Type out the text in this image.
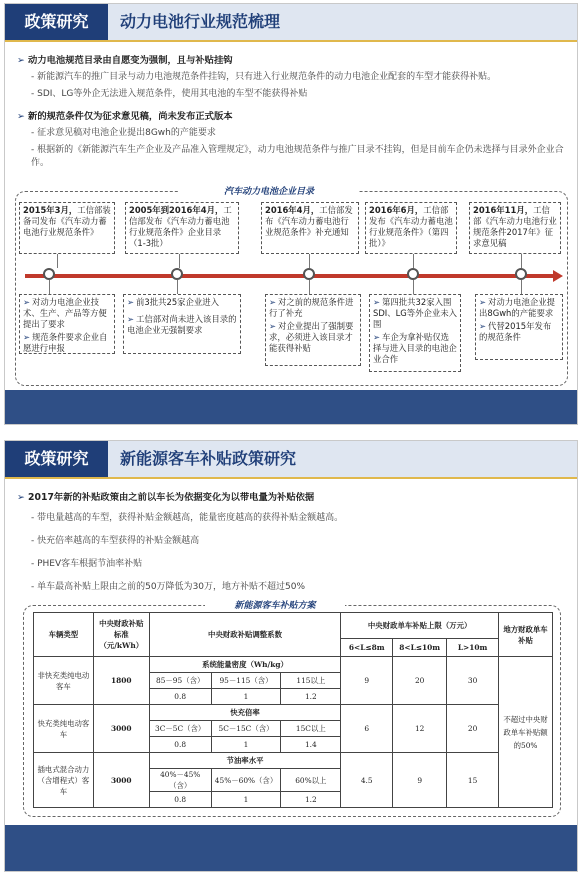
政策研究	动力电池行业规范梳理
➢ 动力电池规范目录由自愿变为强制，且与补贴挂钩
- 新能源汽车的推广目录与动力电池规范条件挂钩，只有进入行业规范条件的动力电池企业配套的车型才能获得补贴。
- SDI、LG等外企无法进入规范条件，使用其电池的车型不能获得补贴
➢ 新的规范条件仅为征求意见稿，尚未发布正式版本
- 征求意见稿对电池企业提出8Gwh的产能要求
- 根据新的《新能源汽车生产企业及产品准入管理规定》，动力电池规范条件与推广目录不挂钩，但是目前车企仍未选择与目录外企业合作。
汽车动力电池企业目录
2015年3月，工信部装备司发布《汽车动力蓄电池行业规范条件》
2005年到2016年4月，工信部发布《汽车动力蓄电池行业规范条件》企业目录（1-3批）
2016年4月，工信部发布《汽车动力蓄电池行业规范条件》补充通知
2016年6月，工信部发布《汽车动力蓄电池行业规范条件》（第四批）》
2016年11月，工信部《汽车动力电池行业规范条件2017年》征求意见稿
➢ 对动力电池企业技术、生产、产品等方便提出了要求
➢ 规范条件要求企业自愿进行申报
➢ 前3批共25家企业进入
➢ 工信部对尚未进入该目录的电池企业无强制要求
➢ 对之前的规范条件进行了补充
➢ 对企业提出了强制要求，必须进入该目录才能获得补贴
➢ 第四批共32家入围SDI、LG等外企业未入围
➢ 车企为拿补贴仅选择与进入目录的电池企业合作
➢ 对动力电池企业提出8Gwh的产能要求
➢ 代替2015年发布的规范条件
政策研究	新能源客车补贴政策研究
➢ 2017年新的补贴政策由之前以车长为依据变化为以带电量为补贴依据
- 带电量越高的车型，获得补贴金额越高，能量密度越高的获得补贴金额越高。
- 快充倍率越高的车型获得的补贴金额越高
- PHEV客车根据节油率补贴
- 单车最高补贴上限由之前的50万降低为30万，地方补贴不超过50%
新能源客车补贴方案
车辆类型	中央财政补贴标准（元/kWh）	中央财政补贴调整系数			中央财政单车补贴上限（万元）			地方财政单车补贴
					6<L≤8m	8<L≤10m	L>10m	
非快充类纯电动客车	1800	系统能量密度（Wh/kg）			9	20	30	不超过中央财政单车补贴额的50%
		85－95（含）	95－115（含）	115以上				
		0.8	1	1.2				
快充类纯电动客车	3000	快充倍率			6	12	20	
		3C－5C（含）	5C－15C（含）	15C以上				
		0.8	1	1.4				
插电式混合动力（含增程式）客车	3000	节油率水平			4.5	9	15	
		40%－45%（含）	45%－60%（含）	60%以上				
		0.8	1	1.2				
